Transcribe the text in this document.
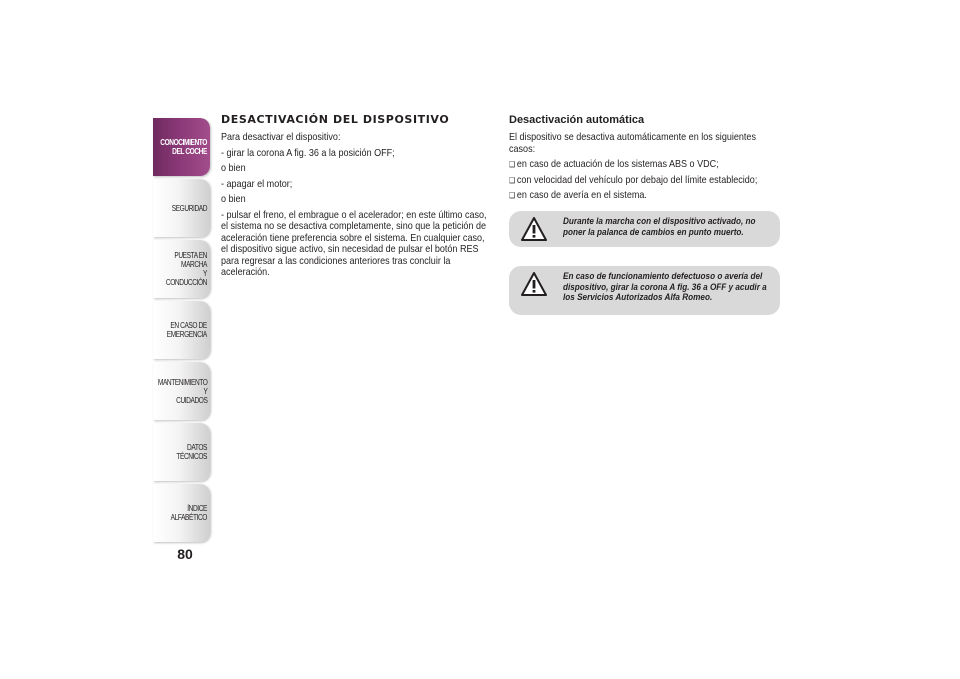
CONOCIMIENTO
DEL COCHE
SEGURIDAD
PUESTA EN MARCHA
Y CONDUCCIÓN
EN CASO DE
EMERGENCIA
MANTENIMIENTO Y
CUIDADOS
DATOS TÉCNICOS
ÍNDICE ALFABÉTICO
80
DESACTIVACIÓN DEL DISPOSITIVO

Para desactivar el dispositivo:

- girar la corona A fig. 36 a la posición OFF;

o bien

- apagar el motor;

o bien

- pulsar el freno, el embrague o el acelerador; en este último caso, el sistema no se desactiva completamente, sino que la petición de aceleración tiene preferencia sobre el sistema. En cualquier caso, el dispositivo sigue activo, sin necesidad de pulsar el botón RES para regresar a las condiciones anteriores tras concluir la aceleración.

Desactivación automática

El dispositivo se desactiva automáticamente en los siguientes casos:

❑ en caso de actuación de los sistemas ABS o VDC;

❑ con velocidad del vehículo por debajo del límite establecido;

❑ en caso de avería en el sistema.

Durante la marcha con el dispositivo activado, no poner la palanca de cambios en punto muerto.
En caso de funcionamiento defectuoso o avería del dispositivo, girar la corona A fig. 36 a OFF y acudir a los Servicios Autorizados Alfa Romeo.
